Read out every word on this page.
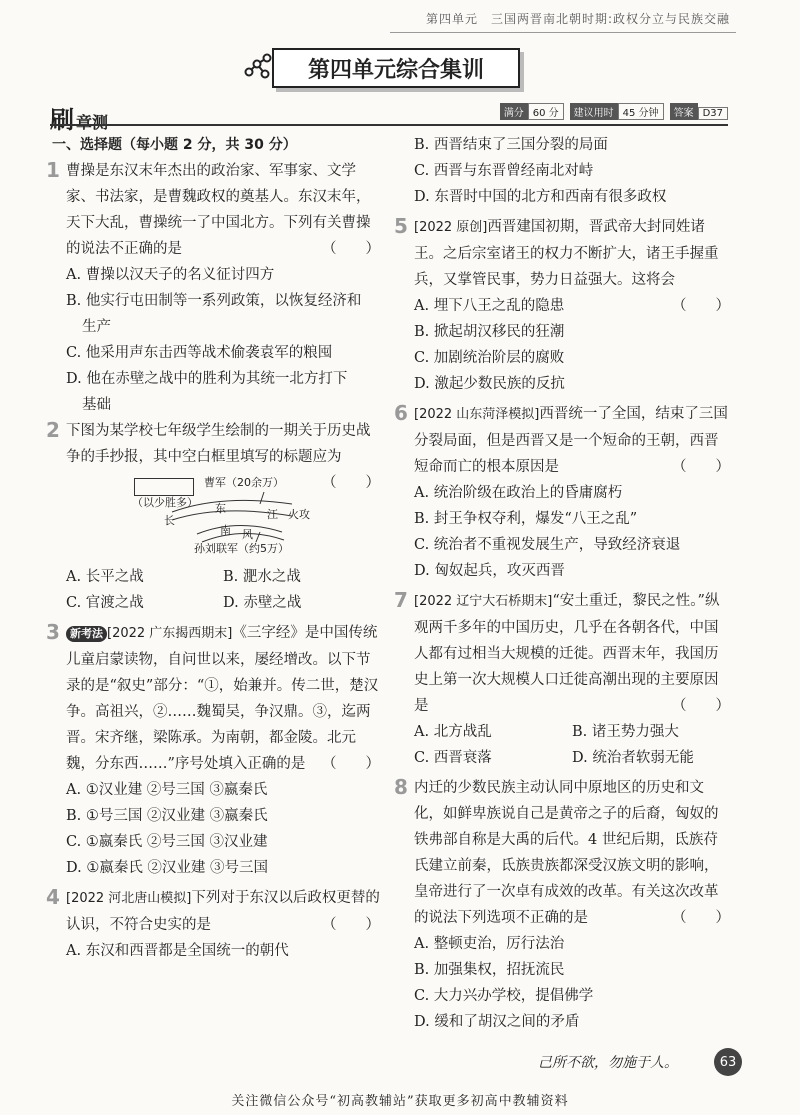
第四单元　三国两晋南北朝时期:政权分立与民族交融
第四单元综合集训
刷章测	满分 60 分	建议用时 45 分钟	答案 D37
一、选择题（每小题 2 分，共 30 分）
1 曹操是东汉末年杰出的政治家、军事家、文学家、书法家，是曹魏政权的奠基人。东汉末年，天下大乱，曹操统一了中国北方。下列有关曹操的说法不正确的是	（　　）
A. 曹操以汉天子的名义征讨四方
B. 他实行屯田制等一系列政策，以恢复经济和
生产
C. 他采用声东击西等战术偷袭袁军的粮囤
D. 他在赤壁之战中的胜利为其统一北方打下
基础
2 下图为某学校七年级学生绘制的一期关于历史战争的手抄报，其中空白框里填写的标题应为
（　　）
曹军（20余万）
（以少胜多）
长
东
南
江
风
火攻
孙刘联军（约5万）
A. 长平之战	B. 淝水之战
C. 官渡之战	D. 赤壁之战
3 新考法 [2022 广东揭西期末]《三字经》是中国传统儿童启蒙读物，自问世以来，屡经增改。以下节录的是“叙史”部分：“①，始兼并。传二世，楚汉争。高祖兴，②……魏蜀吴，争汉鼎。③，迄两晋。宋齐继，梁陈承。为南朝，都金陵。北元魏，分东西……”序号处填入正确的是 （　　）
A. ①汉业建 ②号三国 ③嬴秦氏
B. ①号三国 ②汉业建 ③嬴秦氏
C. ①嬴秦氏 ②号三国 ③汉业建
D. ①嬴秦氏 ②汉业建 ③号三国
4 [2022 河北唐山模拟]下列对于东汉以后政权更替的认识，不符合史实的是	（　　）
A. 东汉和西晋都是全国统一的朝代
B. 西晋结束了三国分裂的局面
C. 西晋与东晋曾经南北对峙
D. 东晋时中国的北方和西南有很多政权
5 [2022 原创]西晋建国初期，晋武帝大封同姓诸王。之后宗室诸王的权力不断扩大，诸王手握重兵，又掌管民事，势力日益强大。这将会
（　　）
A. 埋下八王之乱的隐患
B. 掀起胡汉移民的狂潮
C. 加剧统治阶层的腐败
D. 激起少数民族的反抗
6 [2022 山东菏泽模拟]西晋统一了全国，结束了三国分裂局面，但是西晋又是一个短命的王朝，西晋短命而亡的根本原因是	（　　）
A. 统治阶级在政治上的昏庸腐朽
B. 封王争权夺利，爆发“八王之乱”
C. 统治者不重视发展生产，导致经济衰退
D. 匈奴起兵，攻灭西晋
7 [2022 辽宁大石桥期末]“安土重迁，黎民之性。”纵观两千多年的中国历史，几乎在各朝各代，中国人都有过相当大规模的迁徙。西晋末年，我国历史上第一次大规模人口迁徙高潮出现的主要原因是	（　　）
A. 北方战乱	B. 诸王势力强大
C. 西晋衰落	D. 统治者软弱无能
8 内迁的少数民族主动认同中原地区的历史和文化，如鲜卑族说自己是黄帝之子的后裔，匈奴的铁弗部自称是大禹的后代。4 世纪后期，氐族苻氏建立前秦，氐族贵族都深受汉族文明的影响，皇帝进行了一次卓有成效的改革。有关这次改革的说法下列选项不正确的是	（　　）
A. 整顿吏治，厉行法治
B. 加强集权，招抚流民
C. 大力兴办学校，提倡佛学
D. 缓和了胡汉之间的矛盾
己所不欲，勿施于人。	63
关注微信公众号“初高教辅站”获取更多初高中教辅资料
